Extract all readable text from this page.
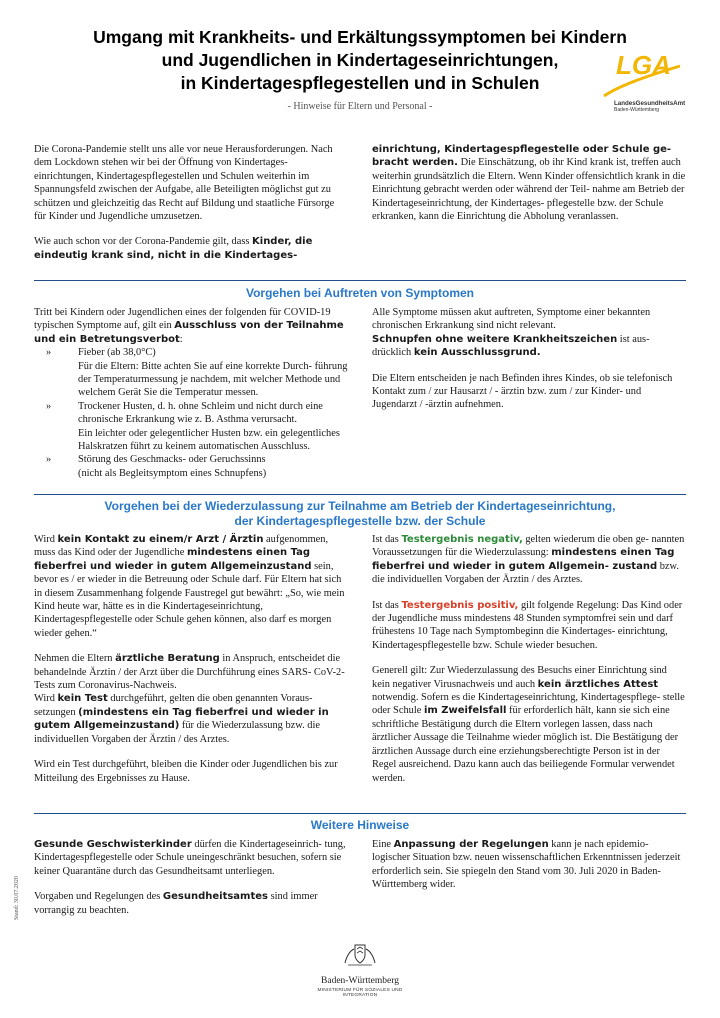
Umgang mit Krankheits- und Erkältungssymptomen bei Kindern
und Jugendlichen in Kindertageseinrichtungen,
in Kindertagespflegestellen und in Schulen
- Hinweise für Eltern und Personal -
LGA
LandesGesundheitsAmt
Baden-Württemberg

Die Corona-Pandemie stellt uns alle vor neue Herausforderungen. Nach dem Lockdown stehen wir bei der Öffnung von Kindertages- einrichtungen, Kindertagespflegestellen und Schulen weiterhin im Spannungsfeld zwischen der Aufgabe, alle Beteiligten möglichst gut zu schützen und gleichzeitig das Recht auf Bildung und staatliche Fürsorge für Kinder und Jugendliche umzusetzen.

Wie auch schon vor der Corona-Pandemie gilt, dass Kinder, die eindeutig krank sind, nicht in die Kindertages-

einrichtung, Kindertagespflegestelle oder Schule ge- bracht werden. Die Einschätzung, ob ihr Kind krank ist, treffen auch weiterhin grundsätzlich die Eltern. Wenn Kinder offensichtlich krank in die Einrichtung gebracht werden oder während der Teil- nahme am Betrieb der Kindertageseinrichtung, der Kindertages- pflegestelle bzw. der Schule erkranken, kann die Einrichtung die Abholung veranlassen.

Vorgehen bei Auftreten von Symptomen

Tritt bei Kindern oder Jugendlichen eines der folgenden für COVID-19 typischen Symptome auf, gilt ein Ausschluss von der Teilnahme und ein Betretungsverbot:

»	Fieber (ab 38,0°C)
Für die Eltern: Bitte achten Sie auf eine korrekte Durch- führung der Temperaturmessung je nachdem, mit welcher Methode und welchem Gerät Sie die Temperatur messen.
»	Trockener Husten, d. h. ohne Schleim und nicht durch eine chronische Erkrankung wie z. B. Asthma verursacht.
Ein leichter oder gelegentlicher Husten bzw. ein gelegentliches Halskratzen führt zu keinem automatischen Ausschluss.
»	Störung des Geschmacks- oder Geruchssinns
(nicht als Begleitsymptom eines Schnupfens)

Alle Symptome müssen akut auftreten, Symptome einer bekannten chronischen Erkrankung sind nicht relevant.

Schnupfen ohne weitere Krankheitszeichen ist aus- drücklich kein Ausschlussgrund.

Die Eltern entscheiden je nach Befinden ihres Kindes, ob sie telefonisch Kontakt zum / zur Hausarzt / - ärztin bzw. zum / zur Kinder- und Jugendarzt / -ärztin aufnehmen.

Vorgehen bei der Wiederzulassung zur Teilnahme am Betrieb der Kindertageseinrichtung,
der Kindertagespflegestelle bzw. der Schule

Wird kein Kontakt zu einem/r Arzt / Ärztin aufgenommen, muss das Kind oder der Jugendliche mindestens einen Tag fieberfrei und wieder in gutem Allgemeinzustand sein, bevor es / er wieder in die Betreuung oder Schule darf. Für Eltern hat sich in diesem Zusammenhang folgende Faustregel gut bewährt: „So, wie mein Kind heute war, hätte es in die Kindertageseinrichtung, Kindertagespflegestelle oder Schule gehen können, also darf es morgen wieder gehen.“

Nehmen die Eltern ärztliche Beratung in Anspruch, entscheidet die behandelnde Ärztin / der Arzt über die Durchführung eines SARS- CoV-2-Tests zum Coronavirus-Nachweis.

Wird kein Test durchgeführt, gelten die oben genannten Voraus- setzungen (mindestens ein Tag fieberfrei und wieder in gutem Allgemeinzustand) für die Wiederzulassung bzw. die individuellen Vorgaben der Ärztin / des Arztes.

Wird ein Test durchgeführt, bleiben die Kinder oder Jugendlichen bis zur Mitteilung des Ergebnisses zu Hause.

Ist das Testergebnis negativ, gelten wiederum die oben ge- nannten Voraussetzungen für die Wiederzulassung: mindestens einen Tag fieberfrei und wieder in gutem Allgemein- zustand bzw. die individuellen Vorgaben der Ärztin / des Arztes.

Ist das Testergebnis positiv, gilt folgende Regelung: Das Kind oder der Jugendliche muss mindestens 48 Stunden symptomfrei sein und darf frühestens 10 Tage nach Symptombeginn die Kindertages- einrichtung, Kindertagespflegestelle bzw. Schule wieder besuchen.

Generell gilt: Zur Wiederzulassung des Besuchs einer Einrichtung sind kein negativer Virusnachweis und auch kein ärztliches Attest notwendig. Sofern es die Kindertageseinrichtung, Kindertagespflege- stelle oder Schule im Zweifelsfall für erforderlich hält, kann sie sich eine schriftliche Bestätigung durch die Eltern vorlegen lassen, dass nach ärztlicher Aussage die Teilnahme wieder möglich ist. Die Bestätigung der ärztlichen Aussage durch eine erziehungsberechtigte Person ist in der Regel ausreichend. Dazu kann auch das beiliegende Formular verwendet werden.

Weitere Hinweise

Gesunde Geschwisterkinder dürfen die Kindertageseinrich- tung, Kindertagespflegestelle oder Schule uneingeschränkt besuchen, sofern sie keiner Quarantäne durch das Gesundheitsamt unterliegen.

Vorgaben und Regelungen des Gesundheitsamtes sind immer vorrangig zu beachten.

Eine Anpassung der Regelungen kann je nach epidemio- logischer Situation bzw. neuen wissenschaftlichen Erkenntnissen jederzeit erforderlich sein. Sie spiegeln den Stand vom 30. Juli 2020 in Baden-Württemberg wider.

Stand: 30.07.2020
Baden-Württemberg
MINISTERIUM FÜR SOZIALES UND INTEGRATION
